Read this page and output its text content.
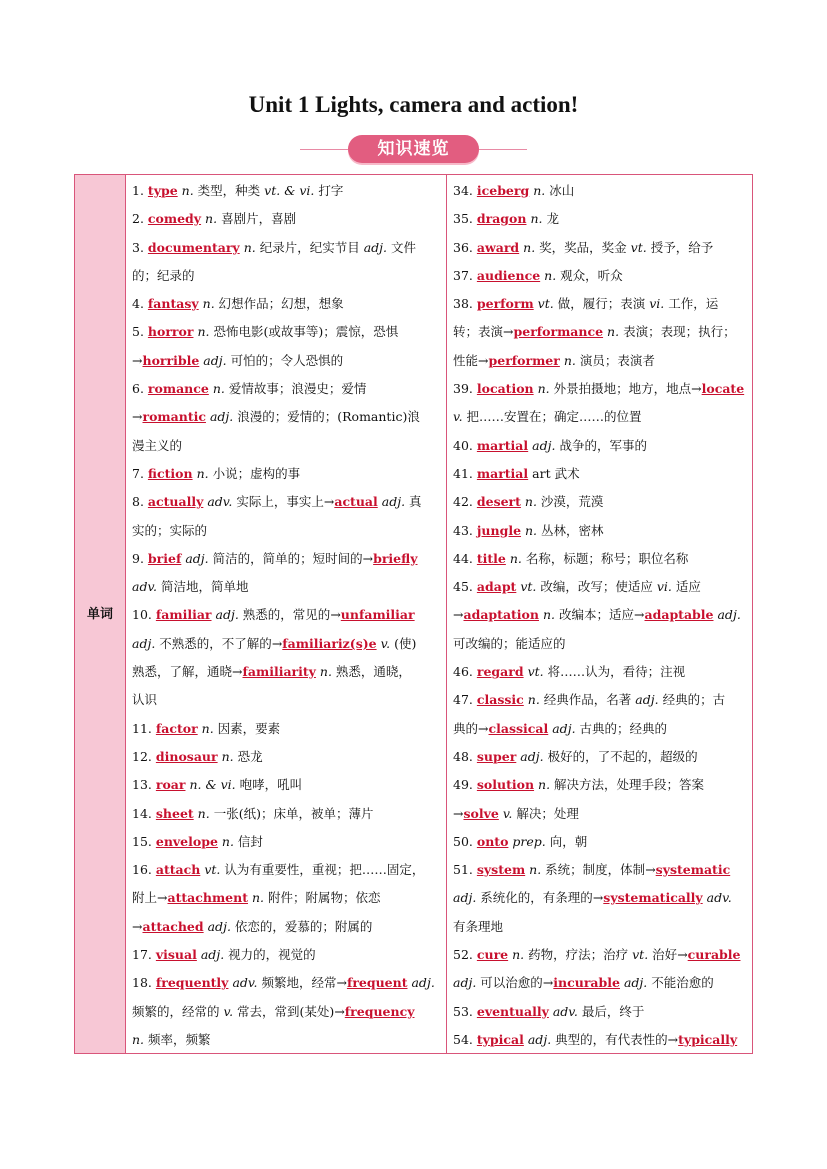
Unit 1 Lights, camera and action!
知识速览
单词
1. type n. 类型，种类 vt. & vi. 打字
2. comedy n. 喜剧片，喜剧
3. documentary n. 纪录片，纪实节目 adj. 文件
的；纪录的
4. fantasy n. 幻想作品；幻想，想象
5. horror n. 恐怖电影(或故事等)；震惊，恐惧
→horrible adj. 可怕的；令人恐惧的
6. romance n. 爱情故事；浪漫史；爱情
→romantic adj. 浪漫的；爱情的；(Romantic)浪
漫主义的
7. fiction n. 小说；虚构的事
8. actually adv. 实际上，事实上→actual adj. 真
实的；实际的
9. brief adj. 简洁的，简单的；短时间的→briefly
adv. 简洁地，简单地
10. familiar adj. 熟悉的，常见的→unfamiliar
adj. 不熟悉的，不了解的→familiariz(s)e v. (使)
熟悉，了解，通晓→familiarity n. 熟悉，通晓，
认识
11. factor n. 因素，要素
12. dinosaur n. 恐龙
13. roar n. & vi. 咆哮，吼叫
14. sheet n. 一张(纸)；床单，被单；薄片
15. envelope n. 信封
16. attach vt. 认为有重要性，重视；把……固定，
附上→attachment n. 附件；附属物；依恋
→attached adj. 依恋的，爱慕的；附属的
17. visual adj. 视力的，视觉的
18. frequently adv. 频繁地，经常→frequent adj.
频繁的，经常的 v. 常去，常到(某处)→frequency
n. 频率，频繁
34. iceberg n. 冰山
35. dragon n. 龙
36. award n. 奖，奖品，奖金 vt. 授予，给予
37. audience n. 观众，听众
38. perform vt. 做，履行；表演 vi. 工作，运
转；表演→performance n. 表演；表现；执行；
性能→performer n. 演员；表演者
39. location n. 外景拍摄地；地方，地点→locate
v. 把……安置在；确定……的位置
40. martial adj. 战争的，军事的
41. martial art 武术
42. desert n. 沙漠，荒漠
43. jungle n. 丛林，密林
44. title n. 名称，标题；称号；职位名称
45. adapt vt. 改编，改写；使适应 vi. 适应
→adaptation n. 改编本；适应→adaptable adj.
可改编的；能适应的
46. regard vt. 将……认为，看待；注视
47. classic n. 经典作品，名著 adj. 经典的；古
典的→classical adj. 古典的；经典的
48. super adj. 极好的，了不起的，超级的
49. solution n. 解决方法，处理手段；答案
→solve v. 解决；处理
50. onto prep. 向，朝
51. system n. 系统；制度，体制→systematic
adj. 系统化的，有条理的→systematically adv.
有条理地
52. cure n. 药物，疗法；治疗 vt. 治好→curable
adj. 可以治愈的→incurable adj. 不能治愈的
53. eventually adv. 最后，终于
54. typical adj. 典型的，有代表性的→typically
